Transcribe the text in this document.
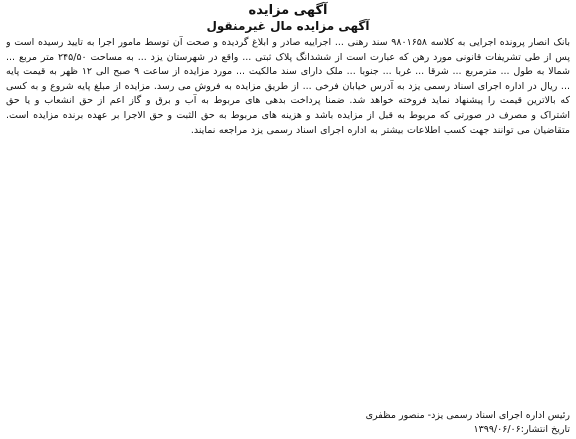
آگهی مزایده
آگهی مزایده مال غیرمنقول

بانک انصار پرونده اجرایی به کلاسه ۹۸۰۱۶۵۸ سند رهنی ... اجراییه صادر و ابلاغ گردیده و صحت آن توسط مامور اجرا به تایید رسیده است و پس از طی تشریفات قانونی مورد رهن که عبارت است از ششدانگ پلاک ثبتی ... واقع در شهرستان یزد ... به مساحت ۲۴۵/۵۰ متر مربع ... شمالا به طول ... مترمربع ... شرقا ... غربا ... جنوبا ... ملک دارای سند مالکیت ... مورد مزایده از ساعت ۹ صبح الی ۱۲ ظهر به قیمت پایه ... ریال در اداره اجرای اسناد رسمی یزد به آدرس خیابان فرخی ... از طریق مزایده به فروش می رسد. مزایده از مبلغ پایه شروع و به کسی که بالاترین قیمت را پیشنهاد نماید فروخته خواهد شد. ضمنا پرداخت بدهی های مربوط به آب و برق و گاز اعم از حق انشعاب و یا حق اشتراک و مصرف در صورتی که مربوط به قبل از مزایده باشد و هزینه های مربوط به حق الثبت و حق الاجرا بر عهده برنده مزایده است. متقاضیان می توانند جهت کسب اطلاعات بیشتر به اداره اجرای اسناد رسمی یزد مراجعه نمایند.

رئیس اداره اجرای اسناد رسمی یزد- منصور مظفری
تاریخ انتشار:۱۳۹۹/۰۶/۰۶
